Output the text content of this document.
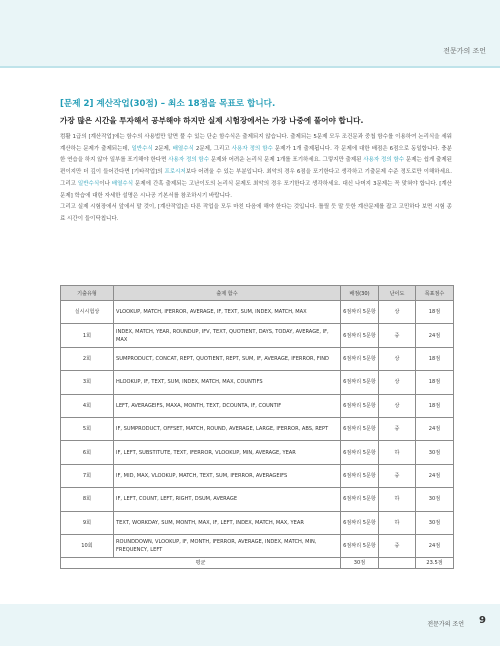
전문가의 조언
[문제 2] 계산작업(30점) – 최소 18점을 목표로 합니다.
가장 많은 시간을 투자해서 공부해야 하지만 실제 시험장에서는 가장 나중에 풀어야 합니다.
컴활 1급의 [계산작업]에는 함수의 사용법만 알면 풀 수 있는 단순 함수식은 출제되지 않습니다. 출제되는 5문제 모두 조건문과 중첩 함수를 이용하여 논리식을 세워 계산하는 문제가 출제되는데, 일반수식 2문제, 배열수식 2문제, 그리고 사용자 정의 함수 문제가 1개 출제됩니다. 각 문제에 대한 배점은 6점으로 동일합니다. 충분한 연습을 하지 않아 일부를 포기해야 한다면 사용자 정의 함수 문제와 어려운 논리식 문제 1개를 포기하세요. 그렇지만 출제된 사용자 정의 함수 문제는 쉽게 출제된 편이지만 더 깊이 들어간다면 [기타작업]의 프로시저보다 어려울 수 있는 부분입니다. 최악의 경우 6점을 포기한다고 생각하고 기출문제 수준 정도로만 이해하세요. 그리고 일반수식이나 배열수식 문제에 간혹 출제되는 고난이도의 논리식 문제도 최악의 경우 포기한다고 생각하세요. 대신 나머지 3문제는 꼭 맞혀야 합니다. [계산문제] 학습에 대한 자세한 설명은 시나공 기본서를 참조하시기 바랍니다.
그리고 실제 시험장에서 앞에서 말 것이, [계산작업]은 다른 작업을 모두 마친 다음에 해야 한다는 것입니다. 틀릴 듯 말 듯한 계산문제를 잡고 고민하다 보면 시험 종료 시간이 들이닥칩니다.
기출유형	출제 함수	배점(30)	난이도	목표점수
실시시험상	VLOOKUP, MATCH, IFERROR, AVERAGE, IF, TEXT, SUM, INDEX, MATCH, MAX	6점짜리 5문항	상	18점
1회	INDEX, MATCH, YEAR, ROUNDUP, IFV, TEXT, QUOTIENT, DAYS, TODAY, AVERAGE, IF, MAX	6점짜리 5문항	중	24점
2회	SUMPRODUCT, CONCAT, REPT, QUOTIENT, REPT, SUM, IF, AVERAGE, IFERROR, FIND	6점짜리 5문항	상	18점
3회	HLOOKUP, IF, TEXT, SUM, INDEX, MATCH, MAX, COUNTIFS	6점짜리 5문항	상	18점
4회	LEFT, AVERAGEIFS, MAXA, MONTH, TEXT, DCOUNTA, IF, COUNTIF	6점짜리 5문항	상	18점
5회	IF, SUMPRODUCT, OFFSET, MATCH, ROUND, AVERAGE, LARGE, IFERROR, ABS, REPT	6점짜리 5문항	중	24점
6회	IF, LEFT, SUBSTITUTE, TEXT, IFERROR, VLOOKUP, MIN, AVERAGE, YEAR	6점짜리 5문항	하	30점
7회	IF, MID, MAX, VLOOKUP, MATCH, TEXT, SUM, IFERROR, AVERAGEIFS	6점짜리 5문항	중	24점
8회	IF, LEFT, COUNT, LEFT, RIGHT, DSUM, AVERAGE	6점짜리 5문항	하	30점
9회	TEXT, WORKDAY, SUM, MONTH, MAX, IF, LEFT, INDEX, MATCH, MAX, YEAR	6점짜리 5문항	하	30점
10회	ROUNDDOWN, VLOOKUP, IF, MONTH, IFERROR, AVERAGE, INDEX, MATCH, MIN, FREQUENCY, LEFT	6점짜리 5문항	중	24점
평균		30점		23.5점
전문가의 조언 9
